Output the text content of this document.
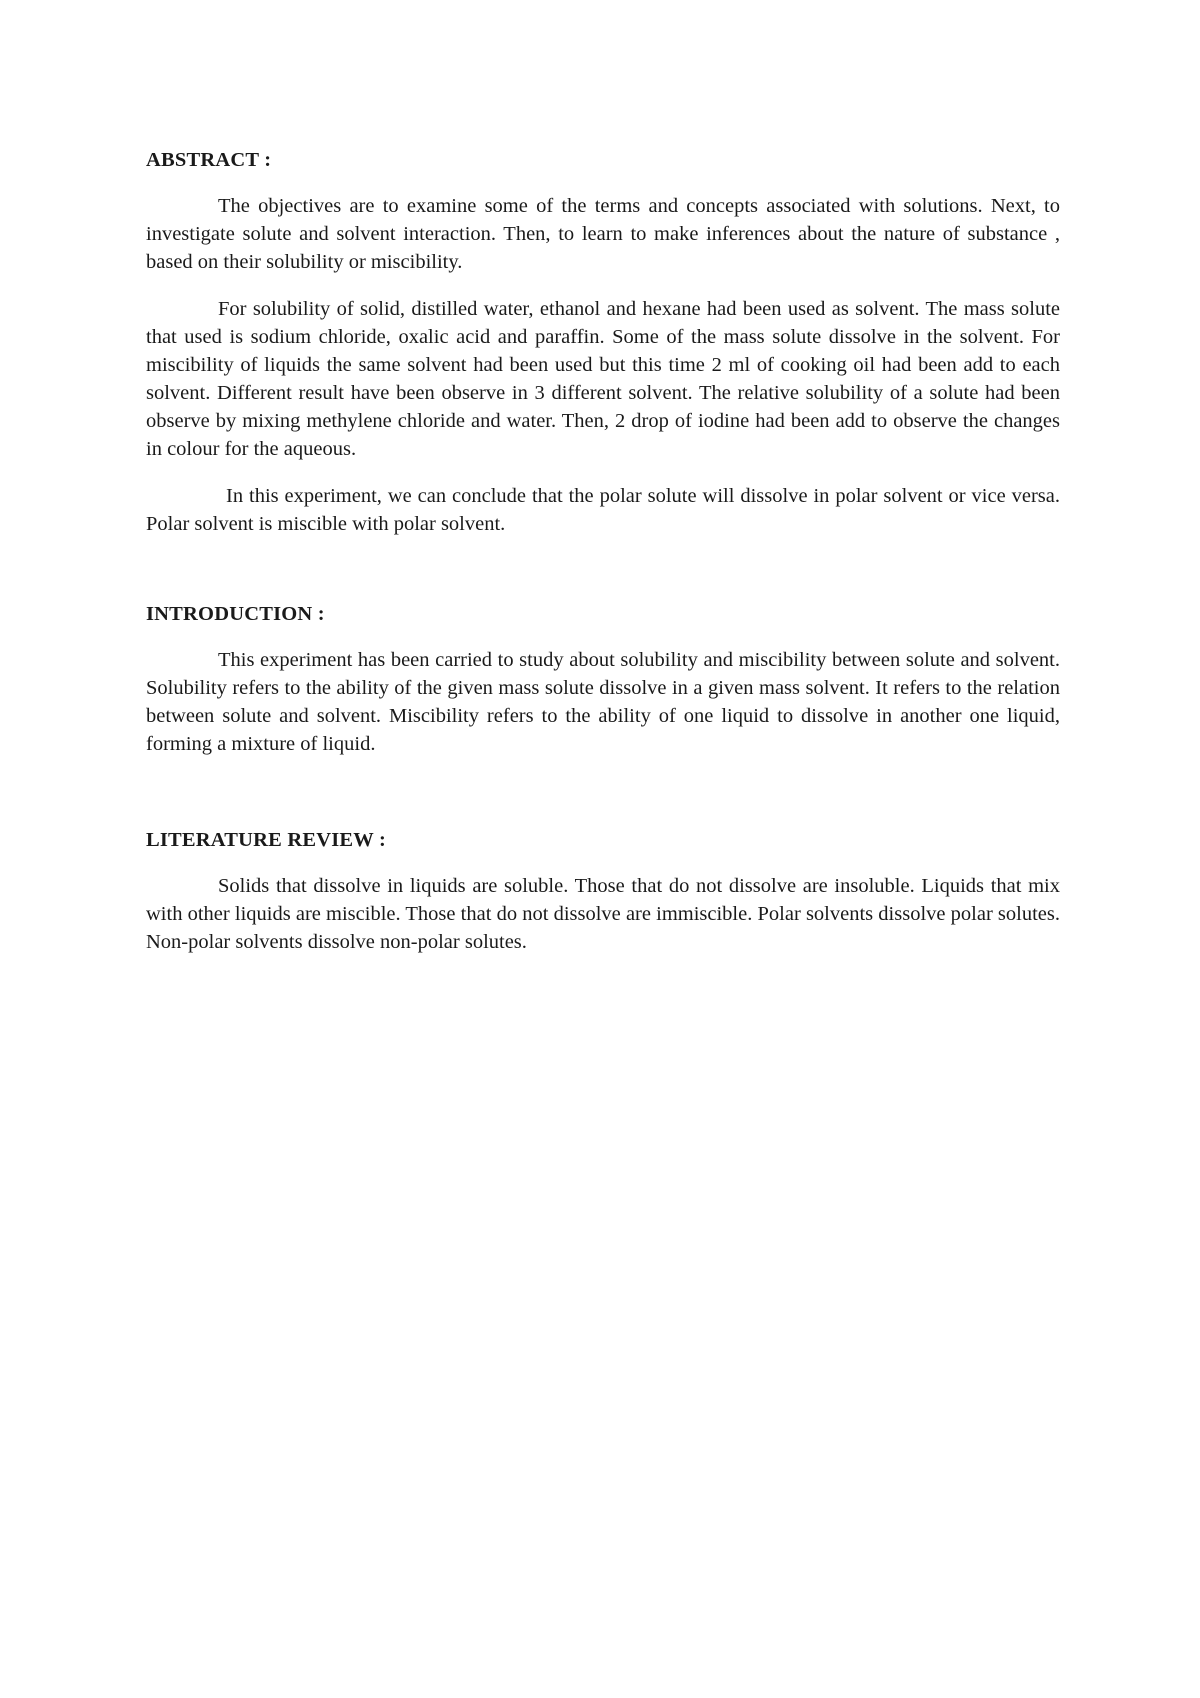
ABSTRACT :

The objectives are to examine some of the terms and concepts associated with solutions. Next, to investigate solute and solvent interaction. Then, to learn to make inferences about the nature of substance , based on their solubility or miscibility.

For solubility of solid, distilled water, ethanol and hexane had been used as solvent. The mass solute that used is sodium chloride, oxalic acid and paraffin. Some of the mass solute dissolve in the solvent. For miscibility of liquids the same solvent had been used but this time 2 ml of cooking oil had been add to each solvent. Different result have been observe in 3 different solvent. The relative solubility of a solute had been observe by mixing methylene chloride and water. Then, 2 drop of iodine had been add to observe the changes in colour for the aqueous.

In this experiment, we can conclude that the polar solute will dissolve in polar solvent or vice versa. Polar solvent is miscible with polar solvent.

INTRODUCTION :

This experiment has been carried to study about solubility and miscibility between solute and solvent. Solubility refers to the ability of the given mass solute dissolve in a given mass solvent. It refers to the relation between solute and solvent. Miscibility refers to the ability of one liquid to dissolve in another one liquid, forming a mixture of liquid.

LITERATURE REVIEW :

Solids that dissolve in liquids are soluble. Those that do not dissolve are insoluble. Liquids that mix with other liquids are miscible. Those that do not dissolve are immiscible. Polar solvents dissolve polar solutes. Non-polar solvents dissolve non-polar solutes.
